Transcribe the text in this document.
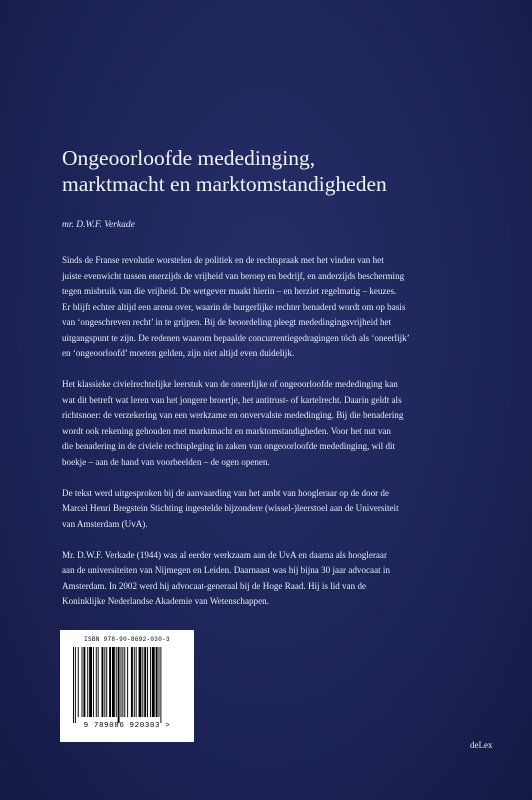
Ongeoorloofde mededinging,
marktmacht en marktomstandigheden
mr. D.W.F. Verkade

Sinds de Franse revolutie worstelen de politiek en de rechtspraak met het vinden van het
juiste evenwicht tussen enerzijds de vrijheid van beroep en bedrijf, en anderzijds bescherming
tegen misbruik van die vrijheid. De wetgever maakt hierin – en herziet regelmatig – keuzes.
Er blijft echter altijd een arena over, waarin de burgerlijke rechter benaderd wordt om op basis
van ‘ongeschreven recht’ in te grijpen. Bij de beoordeling pleegt mededingingsvrijheid het
uitgangspunt te zijn. De redenen waarom bepaalde concurrentiegedragingen tóch als ‘oneerlijk’
en ‘ongeoorloofd’ moeten gelden, zijn niet altijd even duidelijk.

Het klassieke civielrechtelijke leerstuk van de oneerlijke of ongeoorloofde mededinging kan
wat dit betreft wat leren van het jongere broertje, het antitrust- of kartelrecht. Daarin geldt als
richtsnoer: de verzekering van een werkzame en onvervalste mededinging. Bij die benadering
wordt ook rekening gehouden met marktmacht en marktomstandigheden. Voor het nut van
die benadering in de civiele rechtspleging in zaken van ongeoorloofde mededinging, wil dit
boekje – aan de hand van voorbeelden – de ogen openen.

De tekst werd uitgesproken bij de aanvaarding van het ambt van hoogleraar op de door de
Marcel Henri Bregstein Stichting ingestelde bijzondere (wissel-)leerstoel aan de Universiteit
van Amsterdam (UvA).

Mr. D.W.F. Verkade (1944) was al eerder werkzaam aan de UvA en daarna als hoogleraar
aan de universiteiten van Nijmegen en Leiden. Daarnaast was hij bijna 30 jaar advocaat in
Amsterdam. In 2002 werd hij advocaat-generaal bij de Hoge Raad. Hij is lid van de
Koninklijke Nederlandse Akademie van Wetenschappen.

ISBN 978-90-8692-030-3
9 789086 920303 >
deLex
